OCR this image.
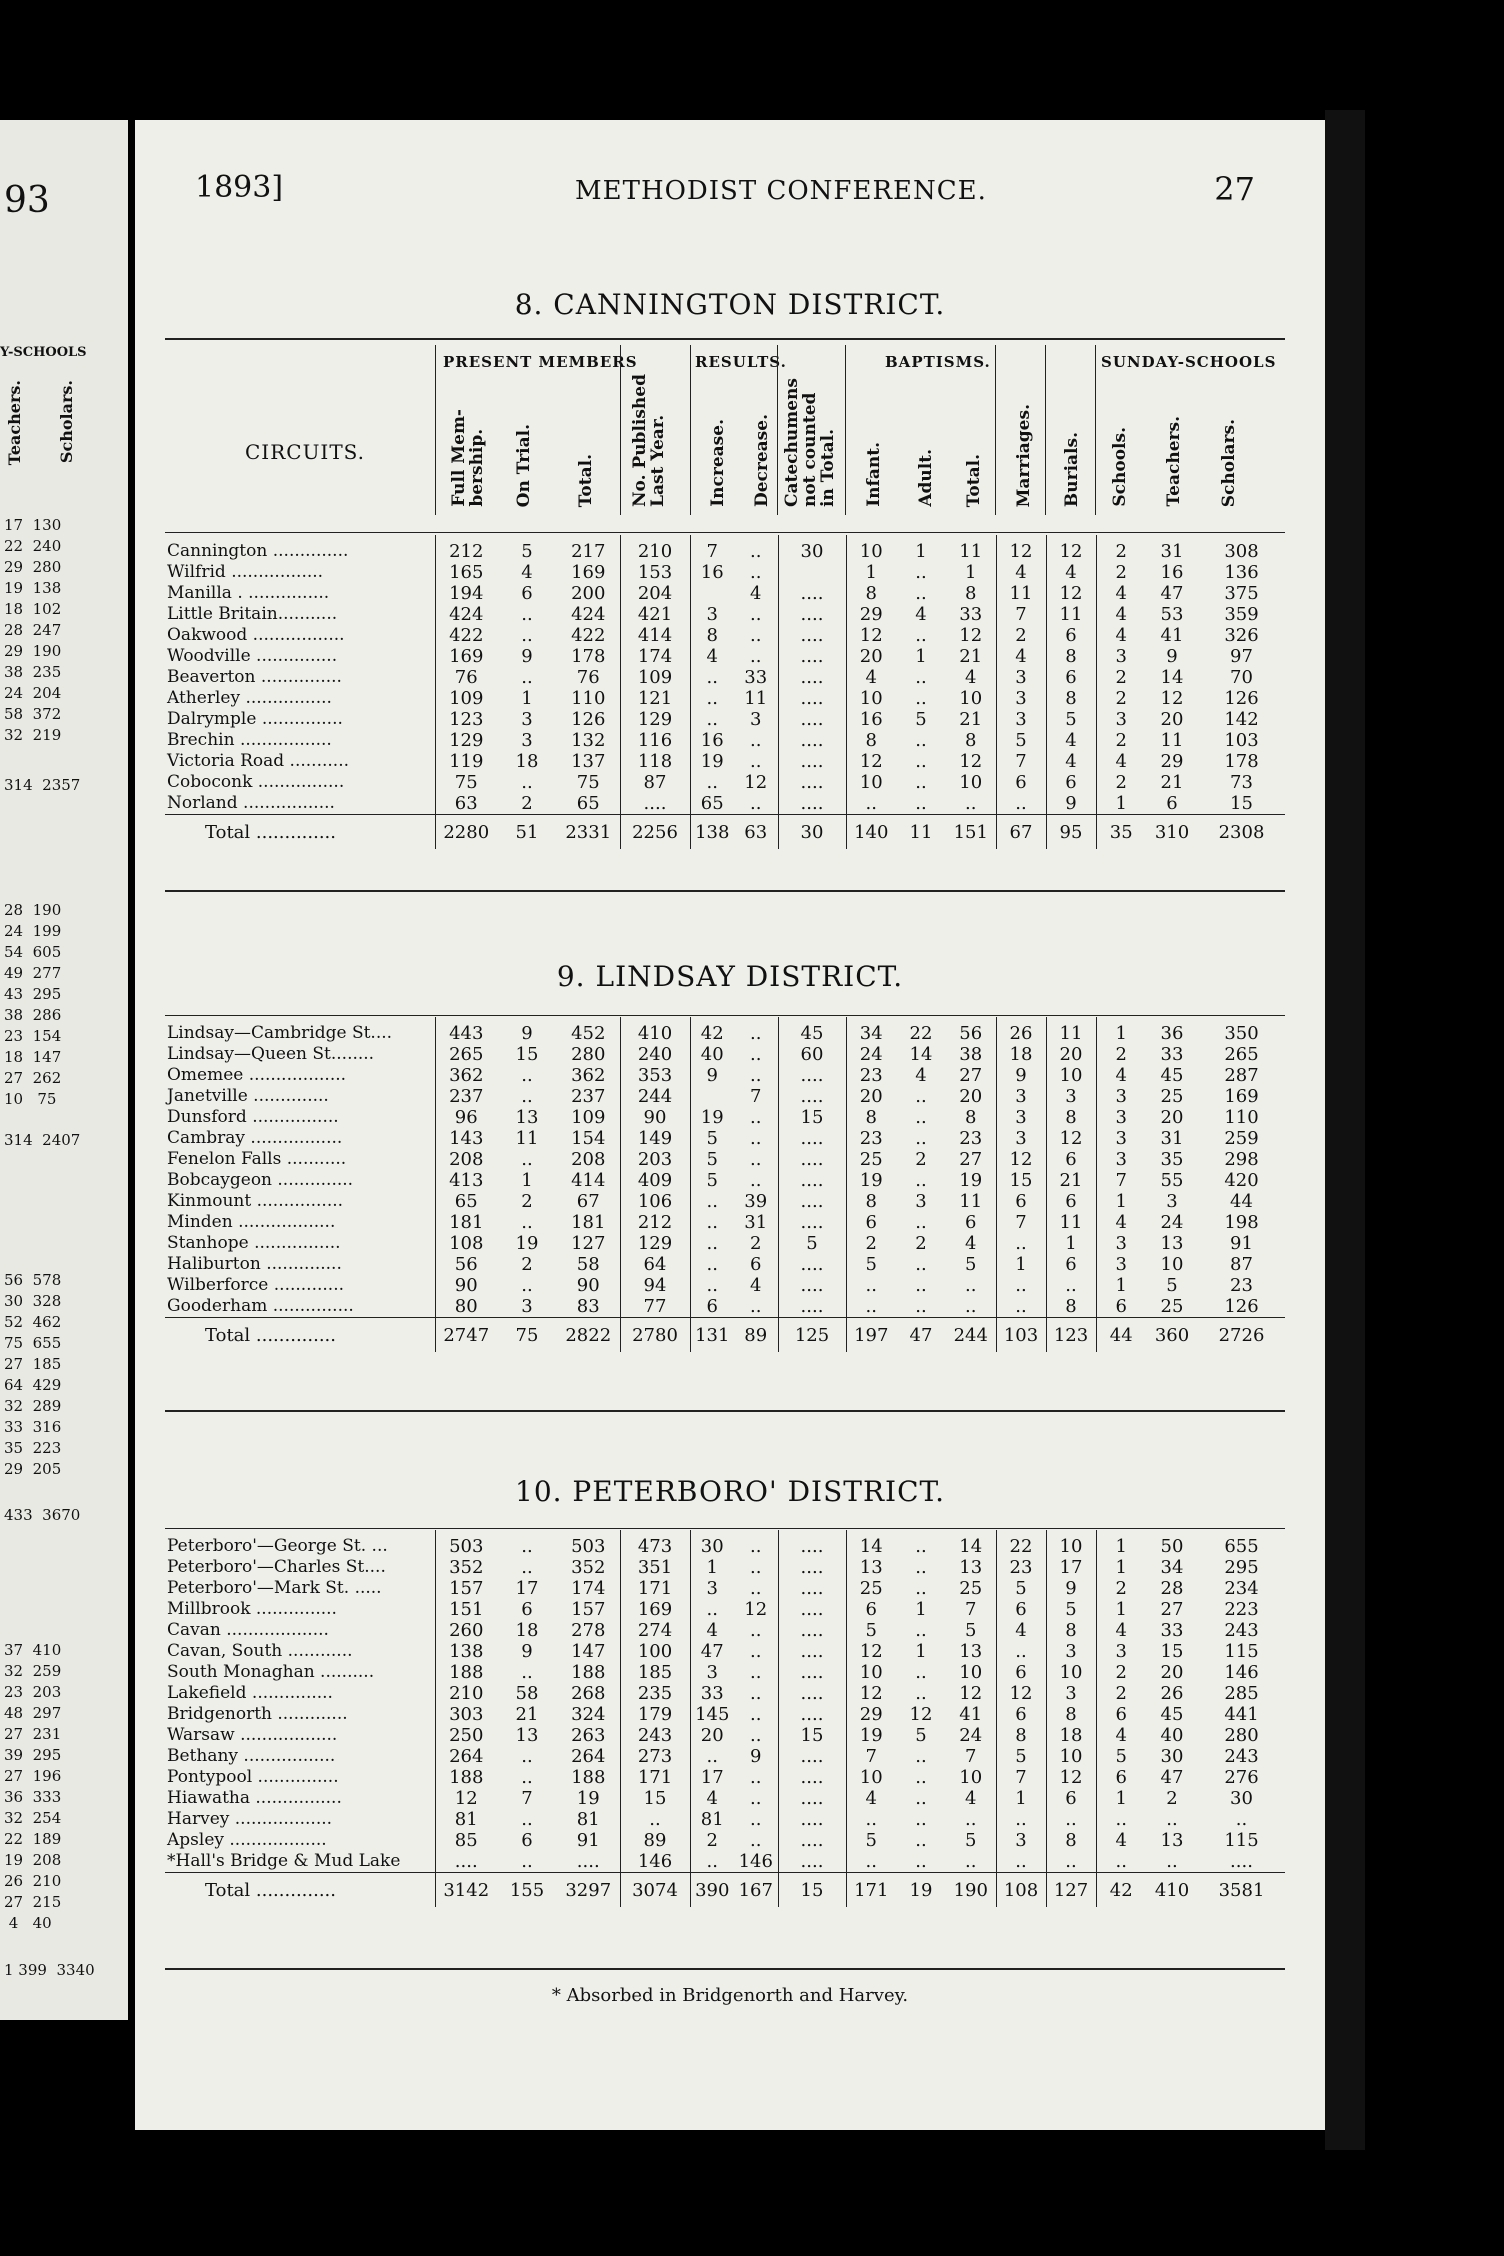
93
Y-SCHOOLS
Teachers. Scholars.
17  130
22  240
29  280
19  138
18  102
28  247
29  190
38  235
24  204
58  372
32  219
314  2357
28  190
24  199
54  605
49  277
43  295
38  286
23  154
18  147
27  262
10   75
314  2407
56  578
30  328
52  462
75  655
27  185
64  429
32  289
33  316
35  223
29  205
433  3670
37  410
32  259
23  203
48  297
27  231
39  295
27  196
36  333
32  254
22  189
19  208
26  210
27  215
4   40
1 399  3340
1893]	METHODIST CONFERENCE.	27
8. CANNINGTON DISTRICT.
CIRCUITS.
PRESENT MEMBERS
Full Mem-
bership. On Trial. Total. No. Published
Last Year.
RESULTS.
Increase. Decrease. Catechumens
not counted
in Total.
BAPTISMS.
Infant. Adult. Total. Marriages. Burials.
SUNDAY-SCHOOLS
Schools. Teachers. Scholars.
Cannington ..............	212	5	217	210	7	..	30	10	1	11	12	12	2	31	308
Wilfrid .................	165	4	169	153	16	..		1	..	1	4	4	2	16	136
Manilla . ...............	194	6	200	204		4	....	8	..	8	11	12	4	47	375
Little Britain...........	424	..	424	421	3	..	....	29	4	33	7	11	4	53	359
Oakwood .................	422	..	422	414	8	..	....	12	..	12	2	6	4	41	326
Woodville ...............	169	9	178	174	4	..	....	20	1	21	4	8	3	9	97
Beaverton ...............	76	..	76	109	..	33	....	4	..	4	3	6	2	14	70
Atherley ................	109	1	110	121	..	11	....	10	..	10	3	8	2	12	126
Dalrymple ...............	123	3	126	129	..	3	....	16	5	21	3	5	3	20	142
Brechin .................	129	3	132	116	16	..	....	8	..	8	5	4	2	11	103
Victoria Road ...........	119	18	137	118	19	..	....	12	..	12	7	4	4	29	178
Coboconk ................	75	..	75	87	..	12	....	10	..	10	6	6	2	21	73
Norland .................	63	2	65	....	65	..	....	..	..	..	..	9	1	6	15
Total ..............	2280	51	2331	2256	138	63	30	140	11	151	67	95	35	310	2308
9. LINDSAY DISTRICT.
Lindsay—Cambridge St....	443	9	452	410	42	..	45	34	22	56	26	11	1	36	350
Lindsay—Queen St........	265	15	280	240	40	..	60	24	14	38	18	20	2	33	265
Omemee ..................	362	..	362	353	9	..	....	23	4	27	9	10	4	45	287
Janetville ..............	237	..	237	244		7	....	20	..	20	3	3	3	25	169
Dunsford ................	96	13	109	90	19	..	15	8	..	8	3	8	3	20	110
Cambray .................	143	11	154	149	5	..	....	23	..	23	3	12	3	31	259
Fenelon Falls ...........	208	..	208	203	5	..	....	25	2	27	12	6	3	35	298
Bobcaygeon ..............	413	1	414	409	5	..	....	19	..	19	15	21	7	55	420
Kinmount ................	65	2	67	106	..	39	....	8	3	11	6	6	1	3	44
Minden ..................	181	..	181	212	..	31	....	6	..	6	7	11	4	24	198
Stanhope ................	108	19	127	129	..	2	5	2	2	4	..	1	3	13	91
Haliburton ..............	56	2	58	64	..	6	....	5	..	5	1	6	3	10	87
Wilberforce .............	90	..	90	94	..	4	....	..	..	..	..	..	1	5	23
Gooderham ...............	80	3	83	77	6	..	....	..	..	..	..	8	6	25	126
Total ..............	2747	75	2822	2780	131	89	125	197	47	244	103	123	44	360	2726
10. PETERBORO' DISTRICT.
Peterboro'—George St. ...	503	..	503	473	30	..	....	14	..	14	22	10	1	50	655
Peterboro'—Charles St....	352	..	352	351	1	..	....	13	..	13	23	17	1	34	295
Peterboro'—Mark St. .....	157	17	174	171	3	..	....	25	..	25	5	9	2	28	234
Millbrook ...............	151	6	157	169	..	12	....	6	1	7	6	5	1	27	223
Cavan ...................	260	18	278	274	4	..	....	5	..	5	4	8	4	33	243
Cavan, South ............	138	9	147	100	47	..	....	12	1	13	..	3	3	15	115
South Monaghan ..........	188	..	188	185	3	..	....	10	..	10	6	10	2	20	146
Lakefield ...............	210	58	268	235	33	..	....	12	..	12	12	3	2	26	285
Bridgenorth .............	303	21	324	179	145	..	....	29	12	41	6	8	6	45	441
Warsaw ..................	250	13	263	243	20	..	15	19	5	24	8	18	4	40	280
Bethany .................	264	..	264	273	..	9	....	7	..	7	5	10	5	30	243
Pontypool ...............	188	..	188	171	17	..	....	10	..	10	7	12	6	47	276
Hiawatha ................	12	7	19	15	4	..	....	4	..	4	1	6	1	2	30
Harvey ..................	81	..	81	..	81	..	....	..	..	..	..	..	..	..	..
Apsley ..................	85	6	91	89	2	..	....	5	..	5	3	8	4	13	115
*Hall's Bridge & Mud Lake	....	..	....	146	..	146	....	..	..	..	..	..	..	..	....
Total ..............	3142	155	3297	3074	390	167	15	171	19	190	108	127	42	410	3581
* Absorbed in Bridgenorth and Harvey.
